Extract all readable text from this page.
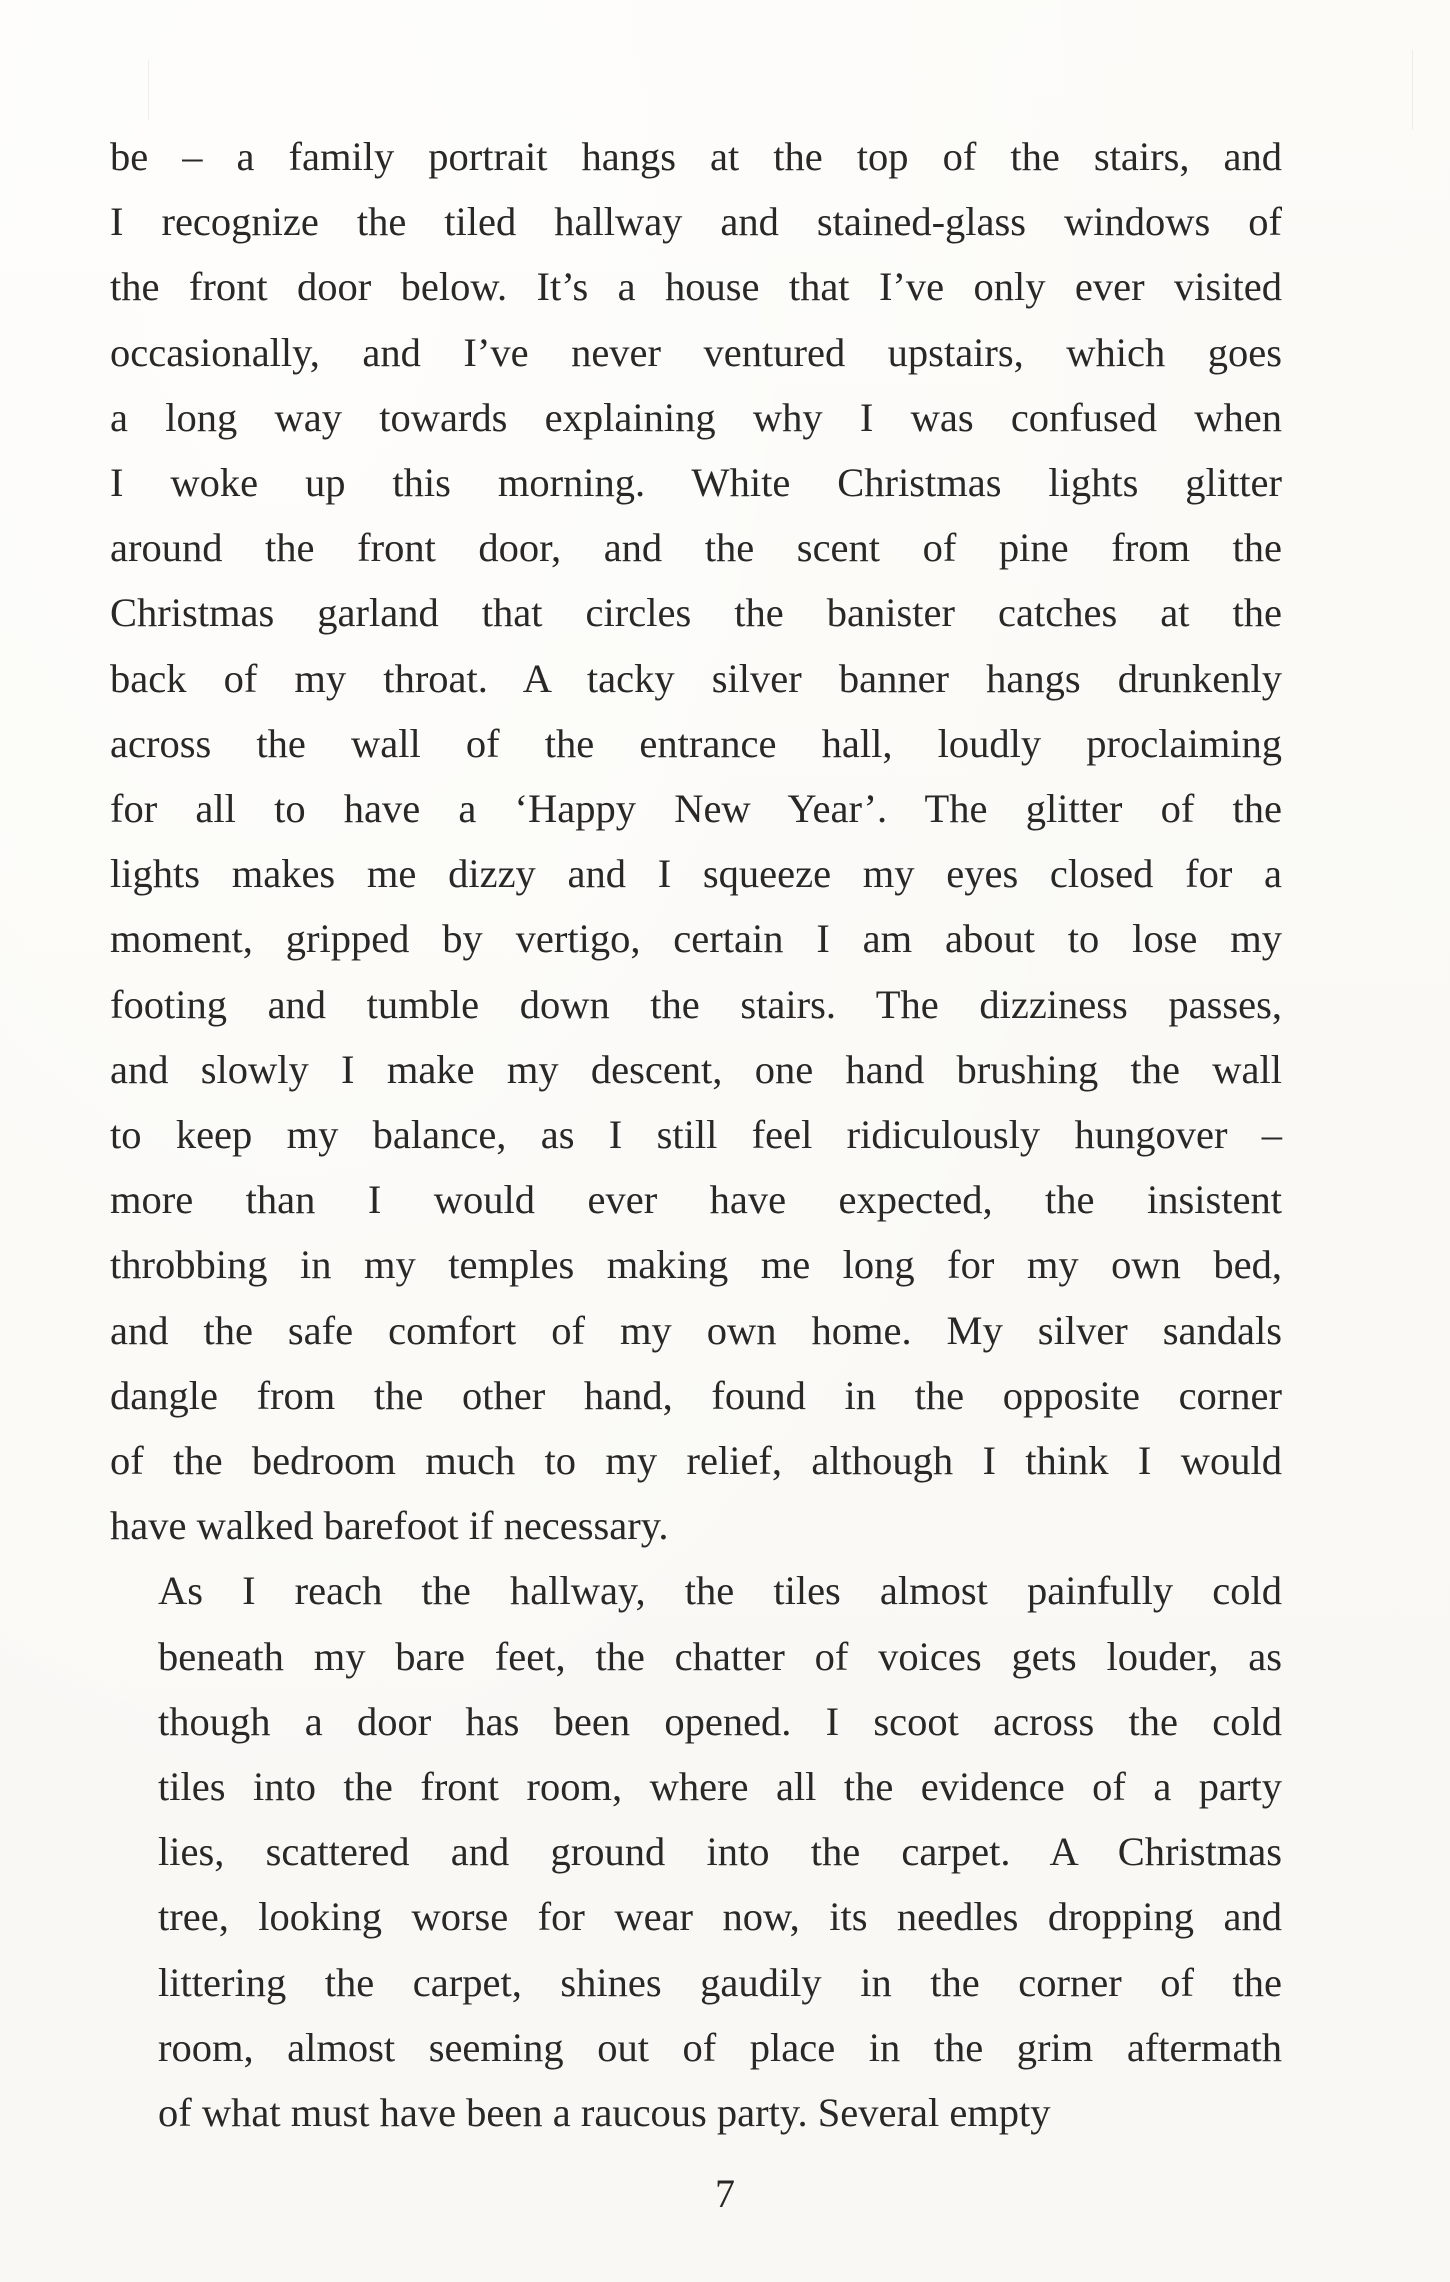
be – a family portrait hangs at the top of the stairs, and
I recognize the tiled hallway and stained-glass windows of
the front door below. It’s a house that I’ve only ever visited
occasionally, and I’ve never ventured upstairs, which goes
a long way towards explaining why I was confused when
I woke up this morning. White Christmas lights glitter
around the front door, and the scent of pine from the
Christmas garland that circles the banister catches at the
back of my throat. A tacky silver banner hangs drunkenly
across the wall of the entrance hall, loudly proclaiming
for all to have a ‘Happy New Year’. The glitter of the
lights makes me dizzy and I squeeze my eyes closed for a
moment, gripped by vertigo, certain I am about to lose my
footing and tumble down the stairs. The dizziness passes,
and slowly I make my descent, one hand brushing the wall
to keep my balance, as I still feel ridiculously hungover –
more than I would ever have expected, the insistent
throbbing in my temples making me long for my own bed,
and the safe comfort of my own home. My silver sandals
dangle from the other hand, found in the opposite corner
of the bedroom much to my relief, although I think I would
have walked barefoot if necessary.

As I reach the hallway, the tiles almost painfully cold
beneath my bare feet, the chatter of voices gets louder, as
though a door has been opened. I scoot across the cold
tiles into the front room, where all the evidence of a party
lies, scattered and ground into the carpet. A Christmas
tree, looking worse for wear now, its needles dropping and
littering the carpet, shines gaudily in the corner of the
room, almost seeming out of place in the grim aftermath
of what must have been a raucous party. Several empty

7
